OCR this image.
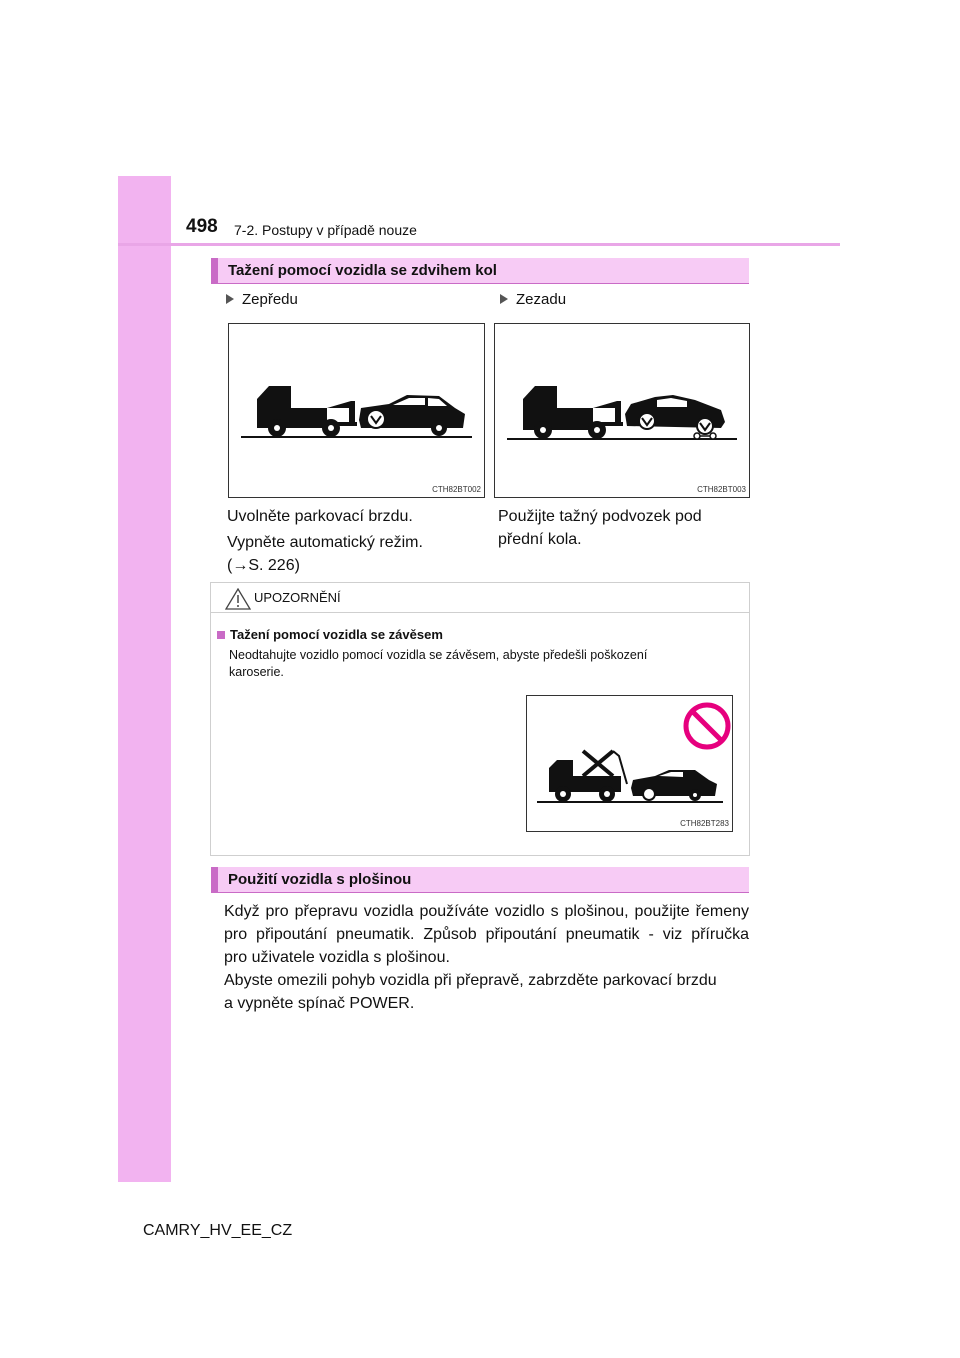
498 7-2. Postupy v případě nouze
Tažení pomocí vozidla se zdvihem kol
Zepředu	Zezadu
CTH82BT002	CTH82BT003
Uvolněte parkovací brzdu.
Vypněte automatický režim.
(→S. 226)
Použijte tažný podvozek pod
přední kola.
UPOZORNĚNÍ
Tažení pomocí vozidla se závěsem
Neodtahujte vozidlo pomocí vozidla se závěsem, abyste předešli poškození
karoserie.
CTH82BT283
Použití vozidla s plošinou
Když pro přepravu vozidla používáte vozidlo s plošinou, použijte řemeny
pro připoutání pneumatik. Způsob připoutání pneumatik - viz příručka
pro uživatele vozidla s plošinou.
Abyste omezili pohyb vozidla při přepravě, zabrzděte parkovací brzdu
a vypněte spínač POWER.
CAMRY_HV_EE_CZ
